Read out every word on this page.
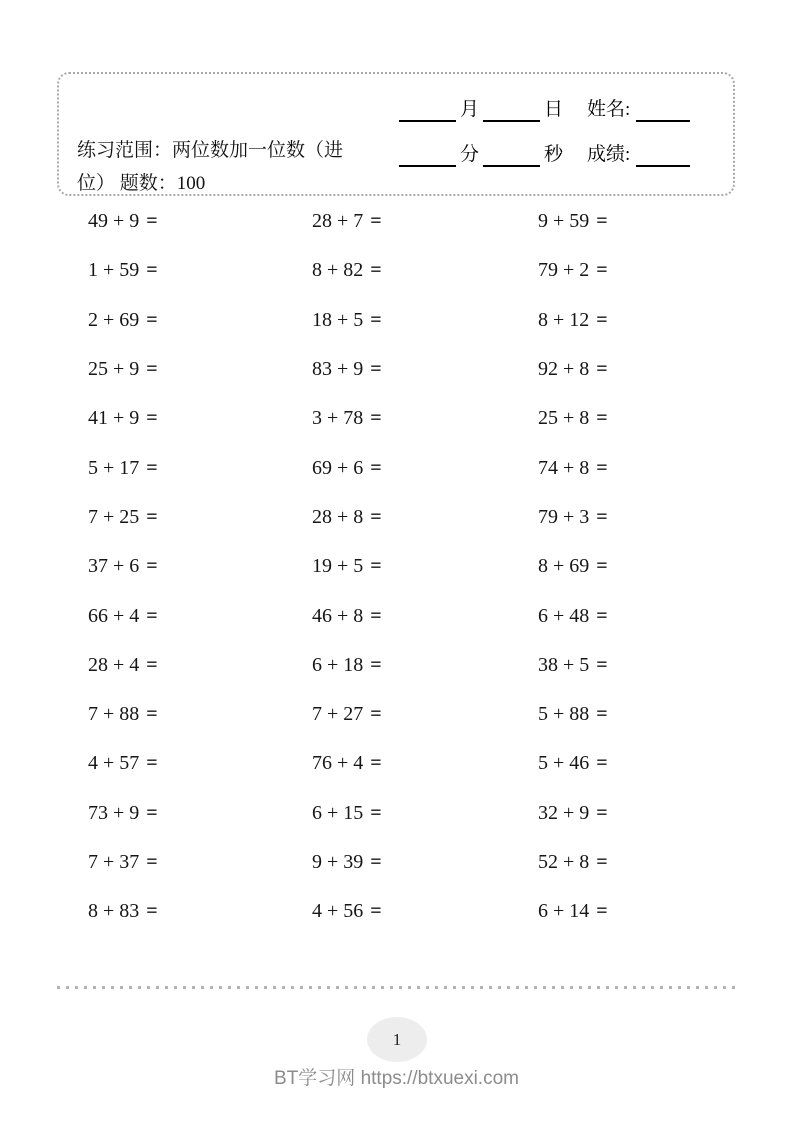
练习范围：两位数加一位数（进
位） 题数：100
月	日 姓名:
分	秒 成绩:
49 + 9 =	28 + 7 =	9 + 59 =
1 + 59 =	8 + 82 =	79 + 2 =
2 + 69 =	18 + 5 =	8 + 12 =
25 + 9 =	83 + 9 =	92 + 8 =
41 + 9 =	3 + 78 =	25 + 8 =
5 + 17 =	69 + 6 =	74 + 8 =
7 + 25 =	28 + 8 =	79 + 3 =
37 + 6 =	19 + 5 =	8 + 69 =
66 + 4 =	46 + 8 =	6 + 48 =
28 + 4 =	6 + 18 =	38 + 5 =
7 + 88 =	7 + 27 =	5 + 88 =
4 + 57 =	76 + 4 =	5 + 46 =
73 + 9 =	6 + 15 =	32 + 9 =
7 + 37 =	9 + 39 =	52 + 8 =
8 + 83 =	4 + 56 =	6 + 14 =
1
BT学习网 https://btxuexi.com
